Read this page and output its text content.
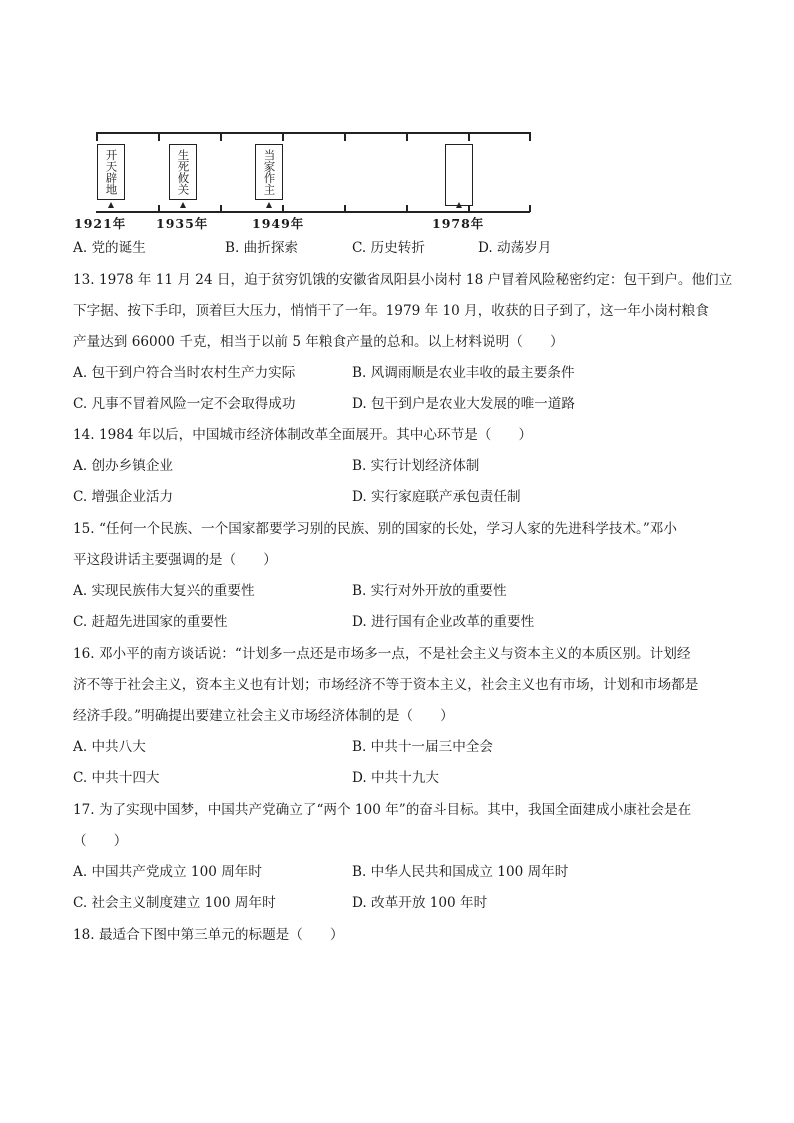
开天辟地	生死攸关	当家作主
1921年 1935年	1949年	1978年
A. 党的诞生	B. 曲折探索	C. 历史转折	D. 动荡岁月
13. 1978 年 11 月 24 日，迫于贫穷饥饿的安徽省凤阳县小岗村 18 户冒着风险秘密约定：包干到户。他们立
下字据、按下手印，顶着巨大压力，悄悄干了一年。1979 年 10 月，收获的日子到了，这一年小岗村粮食
产量达到 66000 千克，相当于以前 5 年粮食产量的总和。以上材料说明（　　）
A. 包干到户符合当时农村生产力实际	B. 风调雨顺是农业丰收的最主要条件
C. 凡事不冒着风险一定不会取得成功	D. 包干到户是农业大发展的唯一道路
14. 1984 年以后，中国城市经济体制改革全面展开。其中心环节是（　　）
A. 创办乡镇企业	B. 实行计划经济体制
C. 增强企业活力	D. 实行家庭联产承包责任制
15. “任何一个民族、一个国家都要学习别的民族、别的国家的长处，学习人家的先进科学技术。”邓小
平这段讲话主要强调的是（　　）
A. 实现民族伟大复兴的重要性	B. 实行对外开放的重要性
C. 赶超先进国家的重要性	D. 进行国有企业改革的重要性
16. 邓小平的南方谈话说：“计划多一点还是市场多一点，不是社会主义与资本主义的本质区别。计划经
济不等于社会主义，资本主义也有计划；市场经济不等于资本主义，社会主义也有市场，计划和市场都是
经济手段。”明确提出要建立社会主义市场经济体制的是（　　）
A. 中共八大	B. 中共十一届三中全会
C. 中共十四大	D. 中共十九大
17. 为了实现中国梦，中国共产党确立了“两个 100 年”的奋斗目标。其中，我国全面建成小康社会是在
（　　）
A. 中国共产党成立 100 周年时	B. 中华人民共和国成立 100 周年时
C. 社会主义制度建立 100 周年时	D. 改革开放 100 年时
18. 最适合下图中第三单元的标题是（　　）
